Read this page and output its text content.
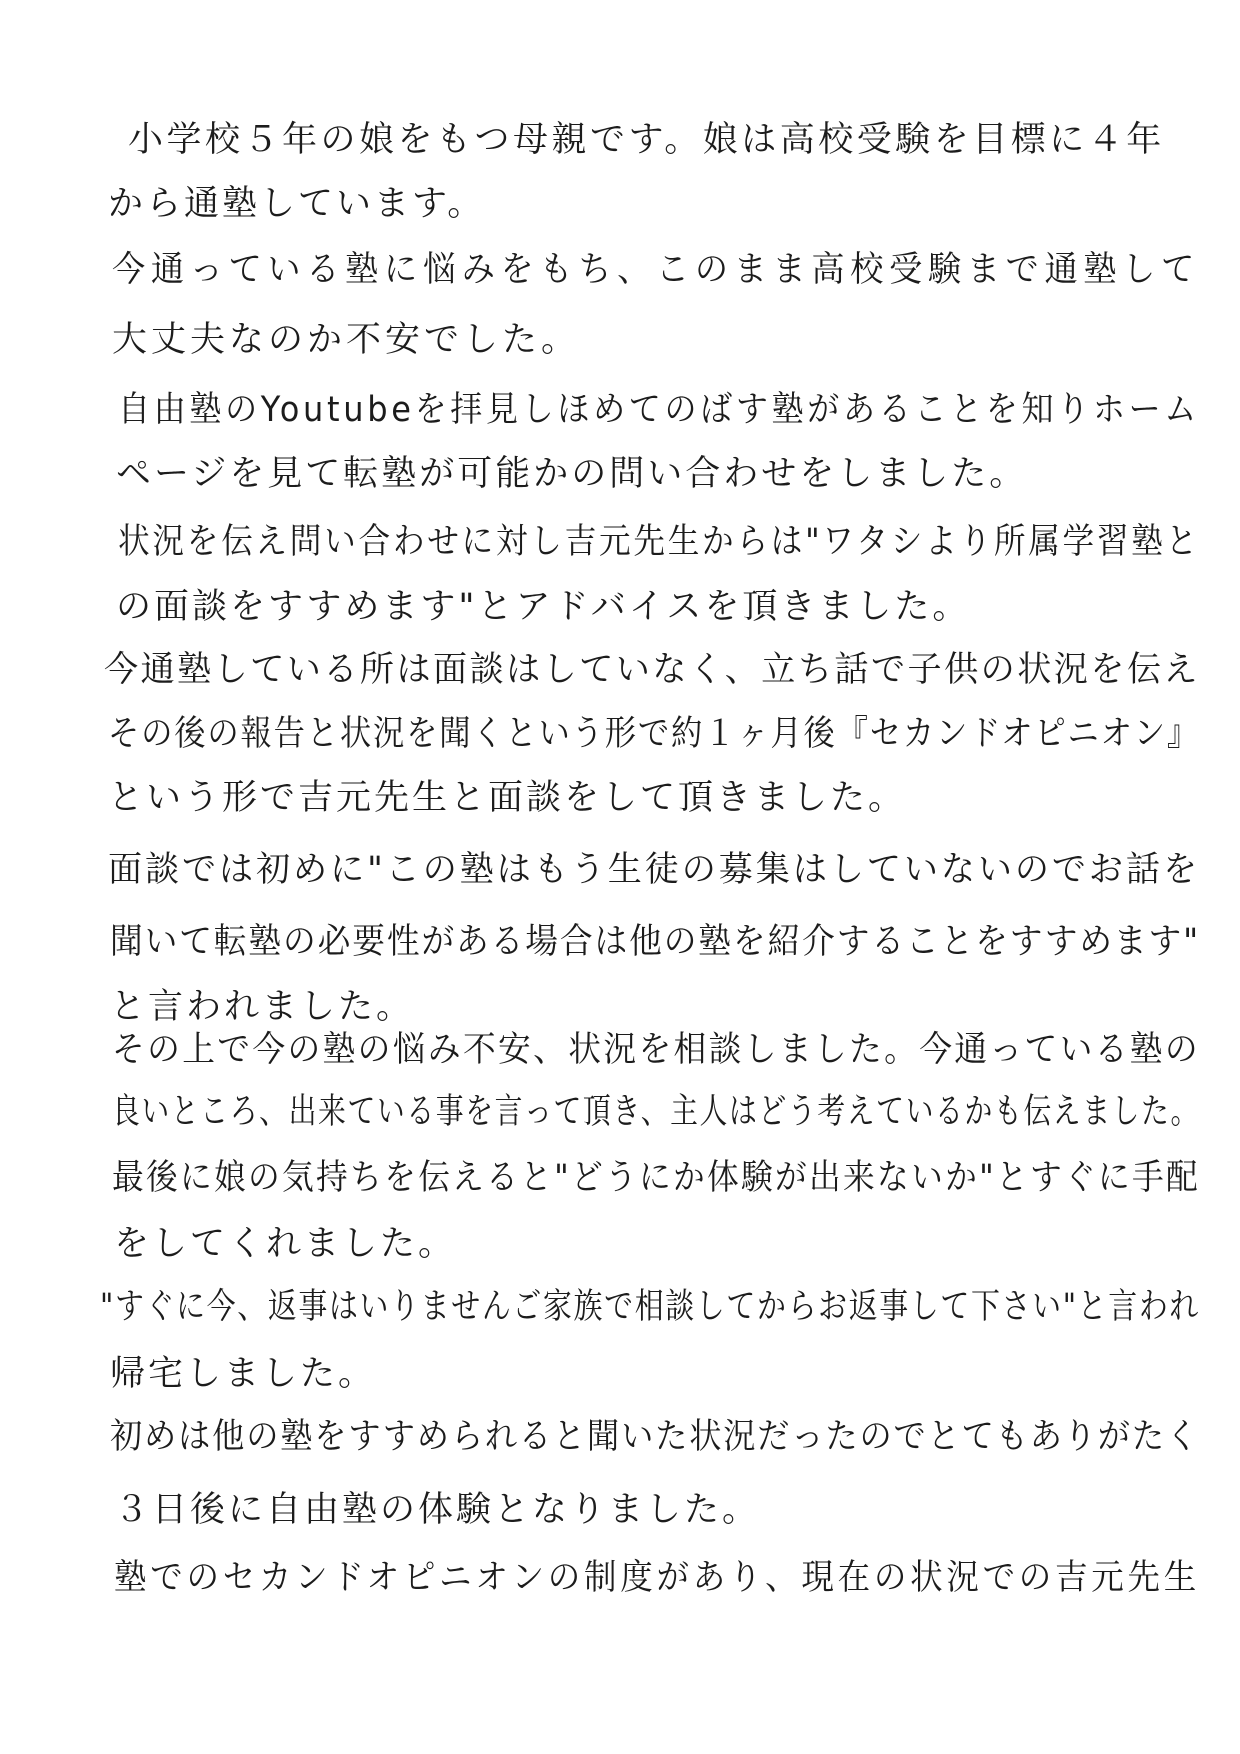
小学校５年の娘をもつ母親です。娘は高校受験を目標に４年

から通塾しています。

今通っている塾に悩みをもち、このまま高校受験まで通塾して

大丈夫なのか不安でした。

自由塾のYoutubeを拝見しほめてのばす塾があることを知りホーム

ページを見て転塾が可能かの問い合わせをしました。

状況を伝え問い合わせに対し吉元先生からは"ワタシより所属学習塾と

の面談をすすめます"とアドバイスを頂きました。

今通塾している所は面談はしていなく、立ち話で子供の状況を伝え

その後の報告と状況を聞くという形で約１ヶ月後『セカンドオピニオン』

という形で吉元先生と面談をして頂きました。

面談では初めに"この塾はもう生徒の募集はしていないのでお話を

聞いて転塾の必要性がある場合は他の塾を紹介することをすすめます"

と言われました。

その上で今の塾の悩み不安、状況を相談しました。今通っている塾の

良いところ、出来ている事を言って頂き、主人はどう考えているかも伝えました。

最後に娘の気持ちを伝えると"どうにか体験が出来ないか"とすぐに手配

をしてくれました。

"すぐに今、返事はいりませんご家族で相談してからお返事して下さい"と言われ

帰宅しました。

初めは他の塾をすすめられると聞いた状況だったのでとてもありがたく

３日後に自由塾の体験となりました。

塾でのセカンドオピニオンの制度があり、現在の状況での吉元先生
